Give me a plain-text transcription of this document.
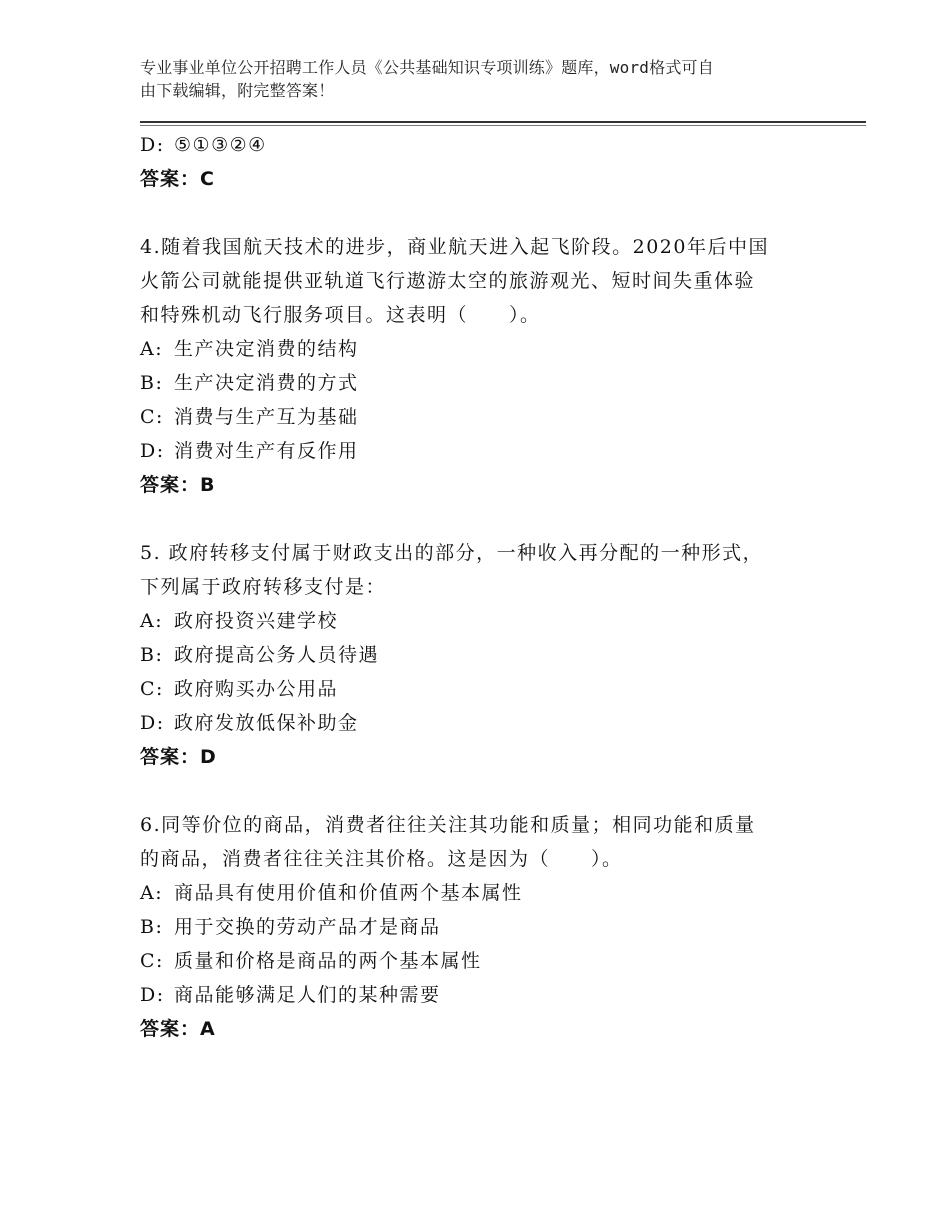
专业事业单位公开招聘工作人员《公共基础知识专项训练》题库，word格式可自
由下载编辑，附完整答案！
D: ⑤①③②④
答案：C
4.随着我国航天技术的进步，商业航天进入起飞阶段。2020年后中国
火箭公司就能提供亚轨道飞行遨游太空的旅游观光、短时间失重体验
和特殊机动飞行服务项目。这表明（　　）。
A: 生产决定消费的结构
B: 生产决定消费的方式
C: 消费与生产互为基础
D: 消费对生产有反作用
答案：B
5. 政府转移支付属于财政支出的部分，一种收入再分配的一种形式，
下列属于政府转移支付是：
A: 政府投资兴建学校
B: 政府提高公务人员待遇
C: 政府购买办公用品
D: 政府发放低保补助金
答案：D
6.同等价位的商品，消费者往往关注其功能和质量；相同功能和质量
的商品，消费者往往关注其价格。这是因为（　　）。
A: 商品具有使用价值和价值两个基本属性
B: 用于交换的劳动产品才是商品
C: 质量和价格是商品的两个基本属性
D: 商品能够满足人们的某种需要
答案：A
